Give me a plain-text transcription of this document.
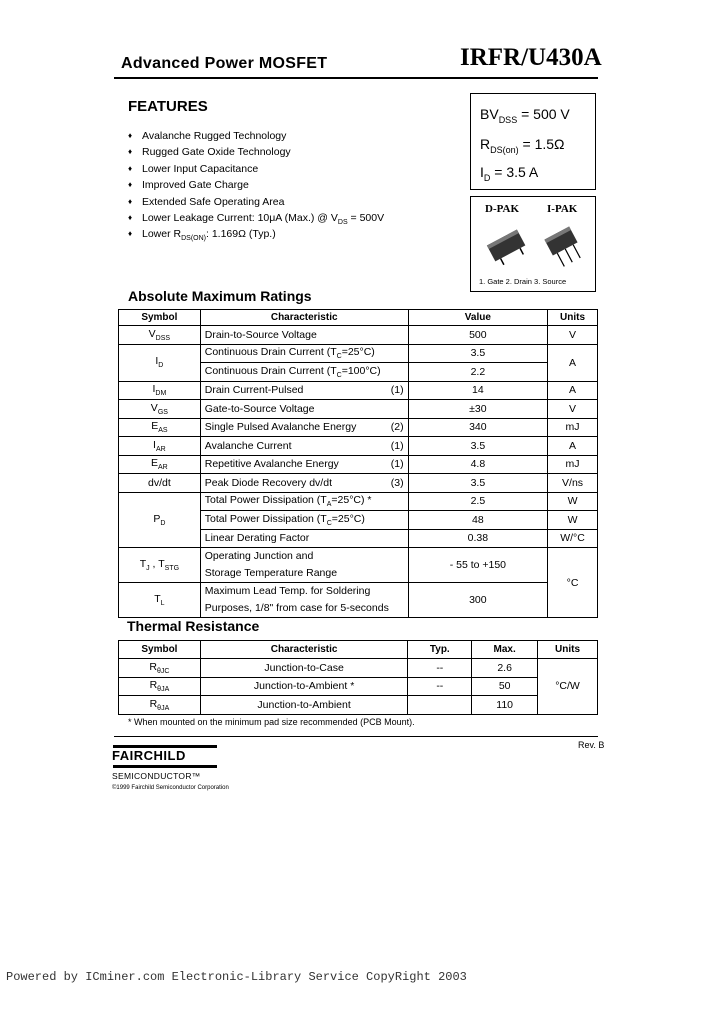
Advanced Power MOSFET	IRFR/U430A
FEATURES
♦ Avalanche Rugged Technology
♦ Rugged Gate Oxide Technology
♦ Lower Input Capacitance
♦ Improved Gate Charge
♦ Extended Safe Operating Area
♦ Lower Leakage Current: 10μA (Max.) @ $V_{DS} = 500V$
♦ Lower $R_{DS(ON)}$: 1.169Ω (Typ.)
$BV_{DSS} = 500$ V
$R_{DS(on)} = 1.5\Omega$
$I_D = 3.5$ A
D-PAK	I-PAK
1. Gate 2. Drain 3. Source
Absolute Maximum Ratings
Symbol	Characteristic	Value	Units
$V_{DSS}$	Drain-to-Source Voltage	500	V
$I_D$	Continuous Drain Current $(T_C=25^\circ C)$	3.5	A
	Continuous Drain Current $(T_C=100^\circ C)$	2.2	
$I_{DM}$	Drain Current-Pulsed (1)	14	A
$V_{GS}$	Gate-to-Source Voltage	±30	V
$E_{AS}$	Single Pulsed Avalanche Energy (2)	340	mJ
$I_{AR}$	Avalanche Current (1)	3.5	A
$E_{AR}$	Repetitive Avalanche Energy (1)	4.8	mJ
dv/dt	Peak Diode Recovery dv/dt (3)	3.5	V/ns
$P_D$	Total Power Dissipation $(T_A=25^\circ C)$ *	2.5	W
	Total Power Dissipation $(T_C=25^\circ C)$	48	W
	Linear Derating Factor	0.38	W/°C
$T_J$ , $T_{STG}$	Operating Junction and
Storage Temperature Range	- 55 to +150	°C
$T_L$	Maximum Lead Temp. for Soldering
Purposes, 1/8" from case for 5-seconds	300	
Thermal Resistance
Symbol	Characteristic	Typ.	Max.	Units
$R_{\theta JC}$	Junction-to-Case	--	2.6	°C/W
$R_{\theta JA}$	Junction-to-Ambient *	--	50	
$R_{\theta JA}$	Junction-to-Ambient		110	
* When mounted on the minimum pad size recommended (PCB Mount).
Rev. B
FAIRCHILD
SEMICONDUCTOR™
©1999 Fairchild Semiconductor Corporation
Powered by ICminer.com Electronic-Library Service CopyRight 2003
